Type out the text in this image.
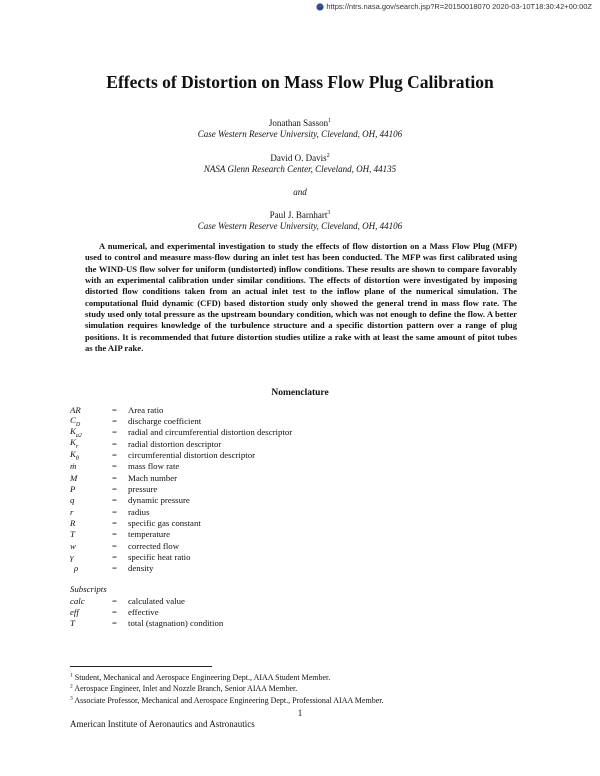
https://ntrs.nasa.gov/search.jsp?R=20150018070 2020-03-10T18:30:42+00:00Z
Effects of Distortion on Mass Flow Plug Calibration

Jonathan Sasson$^1$

Case Western Reserve University, Cleveland, OH, 44106

David O. Davis$^2$

NASA Glenn Research Center, Cleveland, OH, 44135

and

Paul J. Barnhart$^3$

Case Western Reserve University, Cleveland, OH, 44106

A numerical, and experimental investigation to study the effects of flow distortion on a Mass Flow Plug (MFP) used to control and measure mass-flow during an inlet test has been conducted. The MFP was first calibrated using the WIND-US flow solver for uniform (undistorted) inflow conditions. These results are shown to compare favorably with an experimental calibration under similar conditions. The effects of distortion were investigated by imposing distorted flow conditions taken from an actual inlet test to the inflow plane of the numerical simulation. The computational fluid dynamic (CFD) based distortion study only showed the general trend in mass flow rate. The study used only total pressure as the upstream boundary condition, which was not enough to define the flow. A better simulation requires knowledge of the turbulence structure and a specific distortion pattern over a range of plug positions. It is recommended that future distortion studies utilize a rake with at least the same amount of pitot tubes as the AIP rake.

Nomenclature
AR	=	Area ratio
$C_D$	=	discharge coefficient
$K_{a2}$	=	radial and circumferential distortion descriptor
$K_r$	=	radial distortion descriptor
$K_\theta$	=	circumferential distortion descriptor
ṁ	=	mass flow rate
M	=	Mach number
P	=	pressure
q	=	dynamic pressure
r	=	radius
R	=	specific gas constant
T	=	temperature
w	=	corrected flow
γ	=	specific heat ratio
ρ	=	density

Subscripts

calc	=	calculated value
eff	=	effective
T	=	total (stagnation) condition

$^1$ Student, Mechanical and Aerospace Engineering Dept., AIAA Student Member.

$^2$ Aerospace Engineer, Inlet and Nozzle Branch, Senior AIAA Member.

$^3$ Associate Professor, Mechanical and Aerospace Engineering Dept., Professional AIAA Member.

1

American Institute of Aeronautics and Astronautics
